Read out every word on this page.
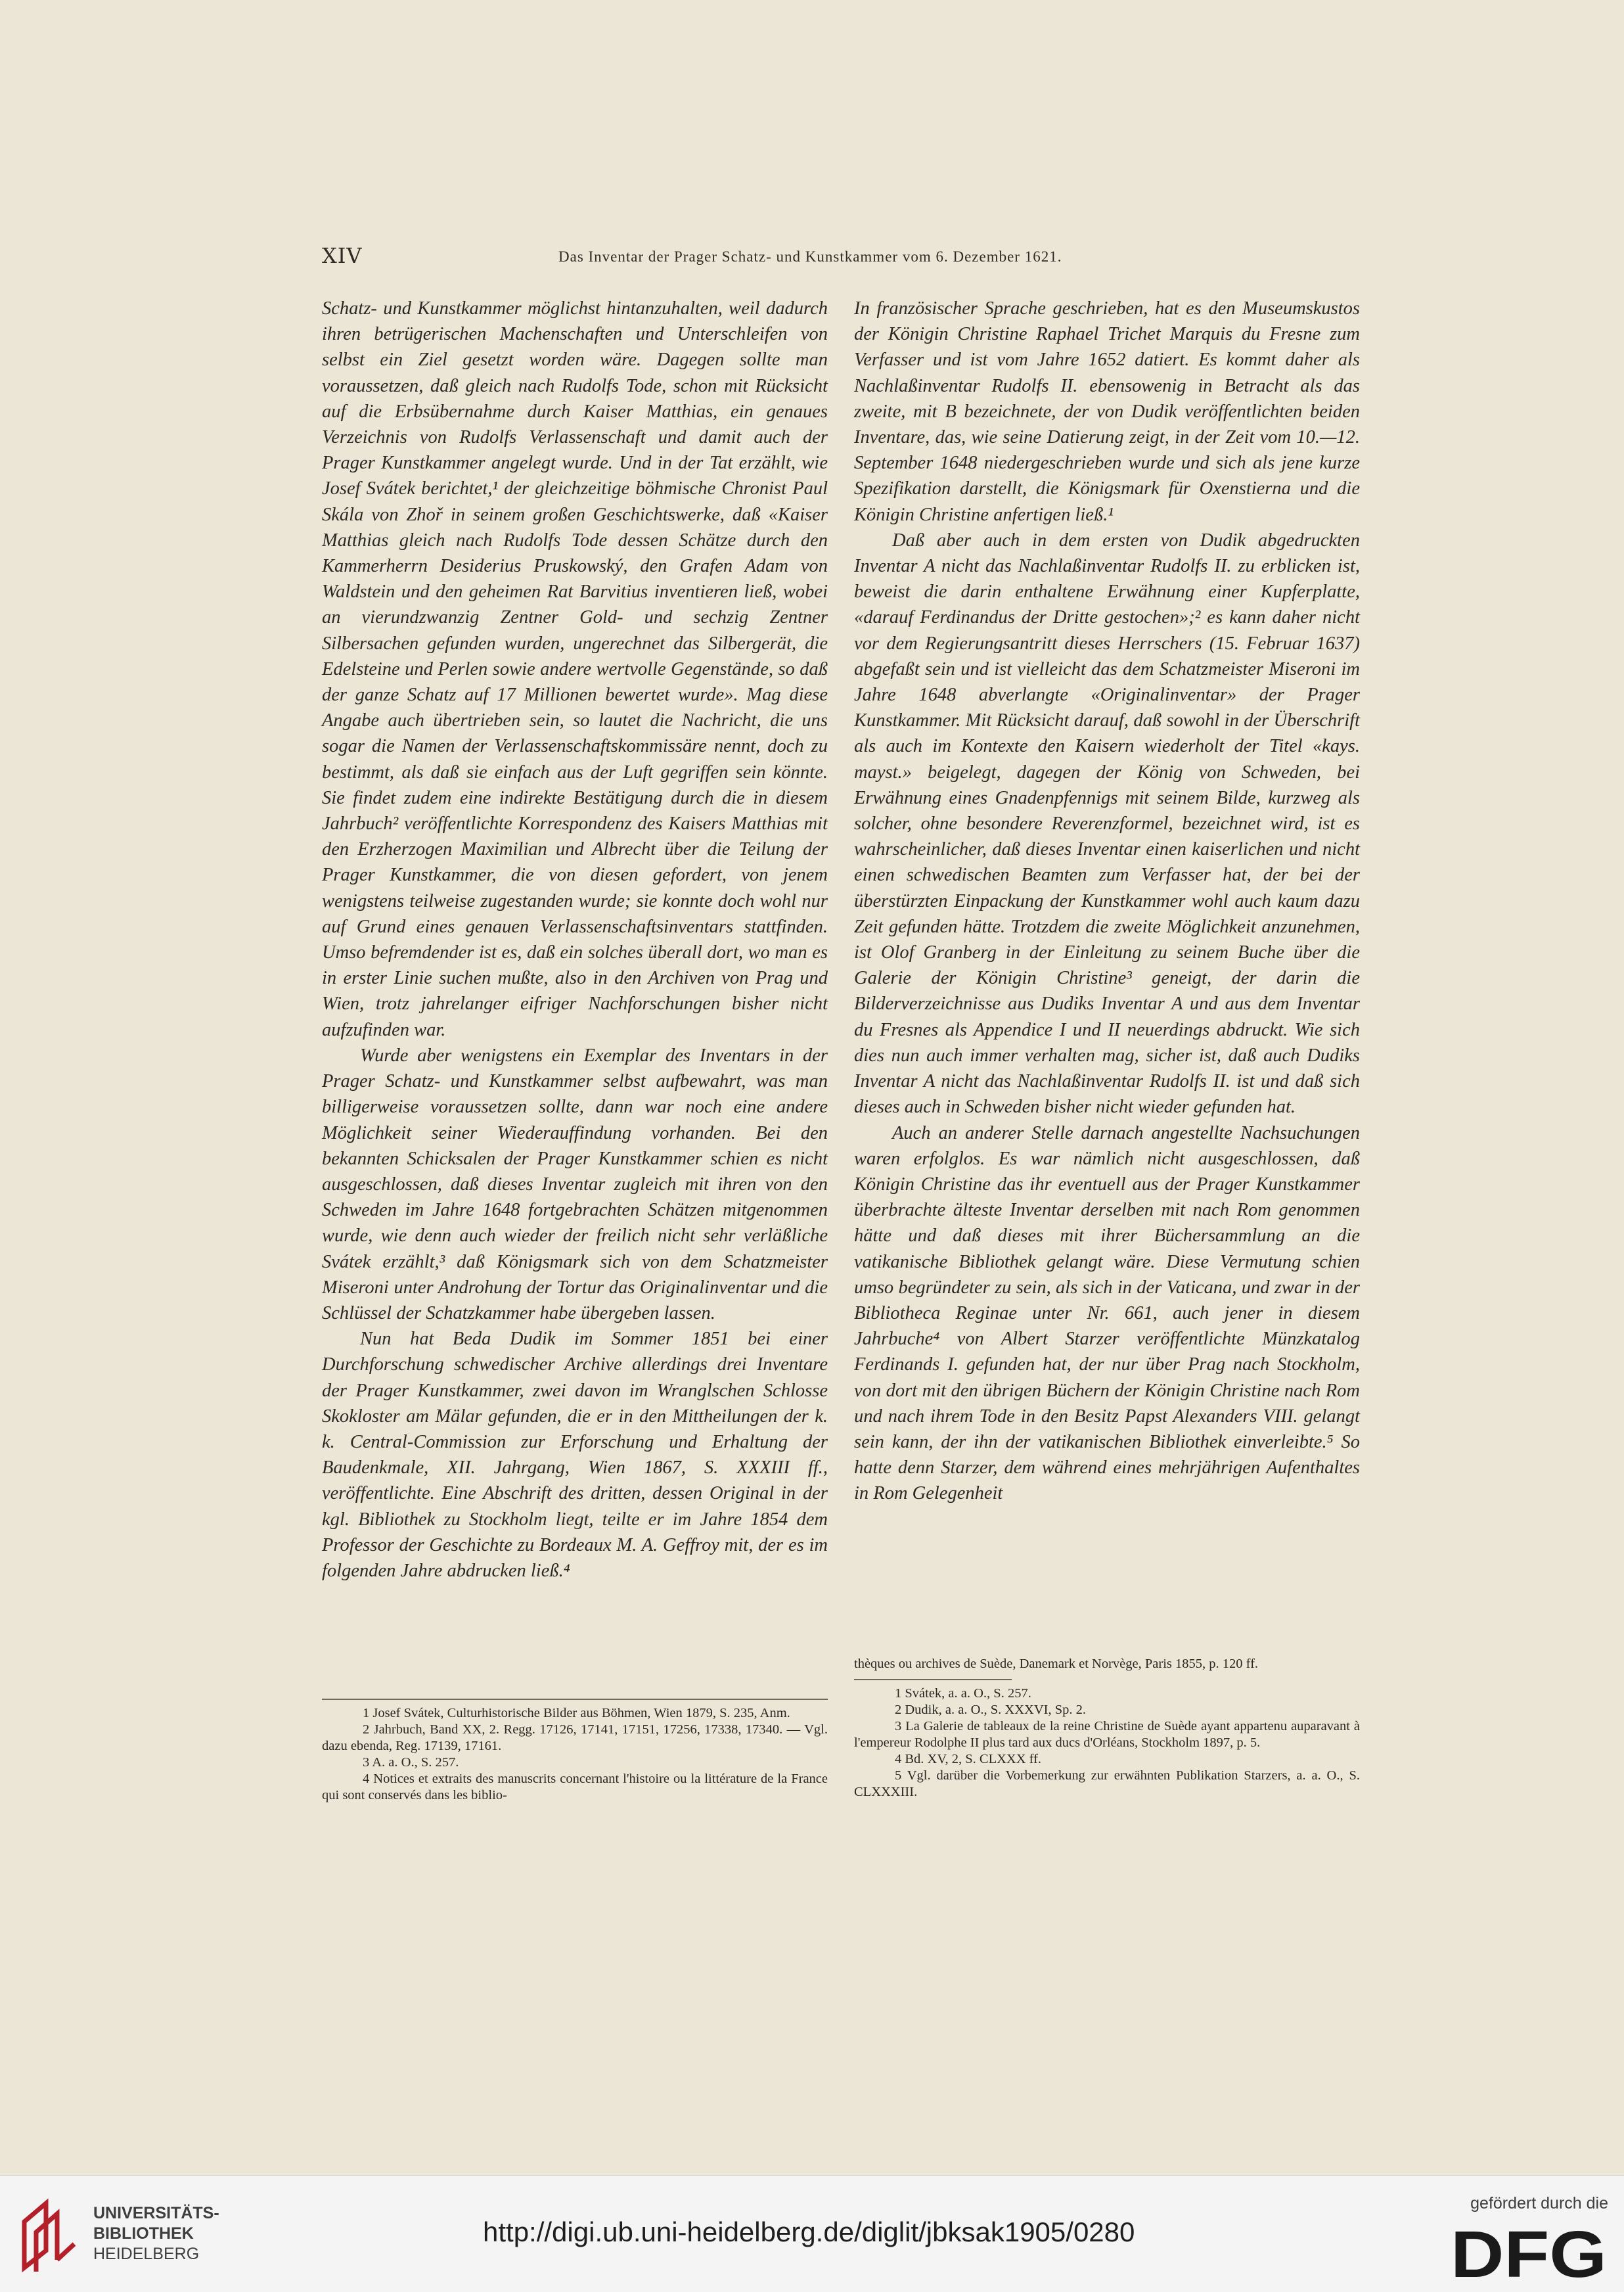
XIV	Das Inventar der Prager Schatz- und Kunstkammer vom 6. Dezember 1621.

Schatz- und Kunstkammer möglichst hintanzuhalten, weil dadurch ihren betrügerischen Machenschaften und Unterschleifen von selbst ein Ziel gesetzt worden wäre. Dagegen sollte man voraussetzen, daß gleich nach Rudolfs Tode, schon mit Rücksicht auf die Erbsübernahme durch Kaiser Matthias, ein genaues Verzeichnis von Rudolfs Verlassenschaft und damit auch der Prager Kunstkammer angelegt wurde. Und in der Tat erzählt, wie Josef Svátek berichtet,¹ der gleichzeitige böhmische Chronist Paul Skála von Zhoř in seinem großen Geschichtswerke, daß «Kaiser Matthias gleich nach Rudolfs Tode dessen Schätze durch den Kammerherrn Desiderius Pruskowský, den Grafen Adam von Waldstein und den geheimen Rat Barvitius inventieren ließ, wobei an vierundzwanzig Zentner Gold- und sechzig Zentner Silbersachen gefunden wurden, ungerechnet das Silbergerät, die Edelsteine und Perlen sowie andere wertvolle Gegenstände, so daß der ganze Schatz auf 17 Millionen bewertet wurde». Mag diese Angabe auch übertrieben sein, so lautet die Nachricht, die uns sogar die Namen der Verlassenschaftskommissäre nennt, doch zu bestimmt, als daß sie einfach aus der Luft gegriffen sein könnte. Sie findet zudem eine indirekte Bestätigung durch die in diesem Jahrbuch² veröffentlichte Korrespondenz des Kaisers Matthias mit den Erzherzogen Maximilian und Albrecht über die Teilung der Prager Kunstkammer, die von diesen gefordert, von jenem wenigstens teilweise zugestanden wurde; sie konnte doch wohl nur auf Grund eines genauen Verlassenschaftsinventars stattfinden. Umso befremdender ist es, daß ein solches überall dort, wo man es in erster Linie suchen mußte, also in den Archiven von Prag und Wien, trotz jahrelanger eifriger Nachforschungen bisher nicht aufzufinden war.

Wurde aber wenigstens ein Exemplar des Inventars in der Prager Schatz- und Kunstkammer selbst aufbewahrt, was man billigerweise voraussetzen sollte, dann war noch eine andere Möglichkeit seiner Wiederauffindung vorhanden. Bei den bekannten Schicksalen der Prager Kunstkammer schien es nicht ausgeschlossen, daß dieses Inventar zugleich mit ihren von den Schweden im Jahre 1648 fortgebrachten Schätzen mitgenommen wurde, wie denn auch wieder der freilich nicht sehr verläßliche Svátek erzählt,³ daß Königsmark sich von dem Schatzmeister Miseroni unter Androhung der Tortur das Originalinventar und die Schlüssel der Schatzkammer habe übergeben lassen.

Nun hat Beda Dudik im Sommer 1851 bei einer Durchforschung schwedischer Archive allerdings drei Inventare der Prager Kunstkammer, zwei davon im Wranglschen Schlosse Skokloster am Mälar gefunden, die er in den Mittheilungen der k. k. Central-Commission zur Erforschung und Erhaltung der Baudenkmale, XII. Jahrgang, Wien 1867, S. XXXIII ff., veröffentlichte. Eine Abschrift des dritten, dessen Original in der kgl. Bibliothek zu Stockholm liegt, teilte er im Jahre 1854 dem Professor der Geschichte zu Bordeaux M. A. Geffroy mit, der es im folgenden Jahre abdrucken ließ.⁴

In französischer Sprache geschrieben, hat es den Museumskustos der Königin Christine Raphael Trichet Marquis du Fresne zum Verfasser und ist vom Jahre 1652 datiert. Es kommt daher als Nachlaßinventar Rudolfs II. ebensowenig in Betracht als das zweite, mit B bezeichnete, der von Dudik veröffentlichten beiden Inventare, das, wie seine Datierung zeigt, in der Zeit vom 10.—12. September 1648 niedergeschrieben wurde und sich als jene kurze Spezifikation darstellt, die Königsmark für Oxenstierna und die Königin Christine anfertigen ließ.¹

Daß aber auch in dem ersten von Dudik abgedruckten Inventar A nicht das Nachlaßinventar Rudolfs II. zu erblicken ist, beweist die darin enthaltene Erwähnung einer Kupferplatte, «darauf Ferdinandus der Dritte gestochen»;² es kann daher nicht vor dem Regierungsantritt dieses Herrschers (15. Februar 1637) abgefaßt sein und ist vielleicht das dem Schatzmeister Miseroni im Jahre 1648 abverlangte «Originalinventar» der Prager Kunstkammer. Mit Rücksicht darauf, daß sowohl in der Überschrift als auch im Kontexte den Kaisern wiederholt der Titel «kays. mayst.» beigelegt, dagegen der König von Schweden, bei Erwähnung eines Gnadenpfennigs mit seinem Bilde, kurzweg als solcher, ohne besondere Reverenzformel, bezeichnet wird, ist es wahrscheinlicher, daß dieses Inventar einen kaiserlichen und nicht einen schwedischen Beamten zum Verfasser hat, der bei der überstürzten Einpackung der Kunstkammer wohl auch kaum dazu Zeit gefunden hätte. Trotzdem die zweite Möglichkeit anzunehmen, ist Olof Granberg in der Einleitung zu seinem Buche über die Galerie der Königin Christine³ geneigt, der darin die Bilderverzeichnisse aus Dudiks Inventar A und aus dem Inventar du Fresnes als Appendice I und II neuerdings abdruckt. Wie sich dies nun auch immer verhalten mag, sicher ist, daß auch Dudiks Inventar A nicht das Nachlaßinventar Rudolfs II. ist und daß sich dieses auch in Schweden bisher nicht wieder gefunden hat.

Auch an anderer Stelle darnach angestellte Nachsuchungen waren erfolglos. Es war nämlich nicht ausgeschlossen, daß Königin Christine das ihr eventuell aus der Prager Kunstkammer überbrachte älteste Inventar derselben mit nach Rom genommen hätte und daß dieses mit ihrer Büchersammlung an die vatikanische Bibliothek gelangt wäre. Diese Vermutung schien umso begründeter zu sein, als sich in der Vaticana, und zwar in der Bibliotheca Reginae unter Nr. 661, auch jener in diesem Jahrbuche⁴ von Albert Starzer veröffentlichte Münzkatalog Ferdinands I. gefunden hat, der nur über Prag nach Stockholm, von dort mit den übrigen Büchern der Königin Christine nach Rom und nach ihrem Tode in den Besitz Papst Alexanders VIII. gelangt sein kann, der ihn der vatikanischen Bibliothek einverleibte.⁵ So hatte denn Starzer, dem während eines mehrjährigen Aufenthaltes in Rom Gelegenheit

1 Josef Svátek, Culturhistorische Bilder aus Böhmen, Wien 1879, S. 235, Anm.

2 Jahrbuch, Band XX, 2. Regg. 17126, 17141, 17151, 17256, 17338, 17340. — Vgl. dazu ebenda, Reg. 17139, 17161.

3 A. a. O., S. 257.

4 Notices et extraits des manuscrits concernant l'histoire ou la littérature de la France qui sont conservés dans les biblio-

thèques ou archives de Suède, Danemark et Norvège, Paris 1855, p. 120 ff.

1 Svátek, a. a. O., S. 257.

2 Dudik, a. a. O., S. XXXVI, Sp. 2.

3 La Galerie de tableaux de la reine Christine de Suède ayant appartenu auparavant à l'empereur Rodolphe II plus tard aux ducs d'Orléans, Stockholm 1897, p. 5.

4 Bd. XV, 2, S. CLXXX ff.

5 Vgl. darüber die Vorbemerkung zur erwähnten Publikation Starzers, a. a. O., S. CLXXXIII.

UNIVERSITÄTS-
BIBLIOTHEK
HEIDELBERG
http://digi.ub.uni-heidelberg.de/diglit/jbksak1905/0280
gefördert durch die
DFG
